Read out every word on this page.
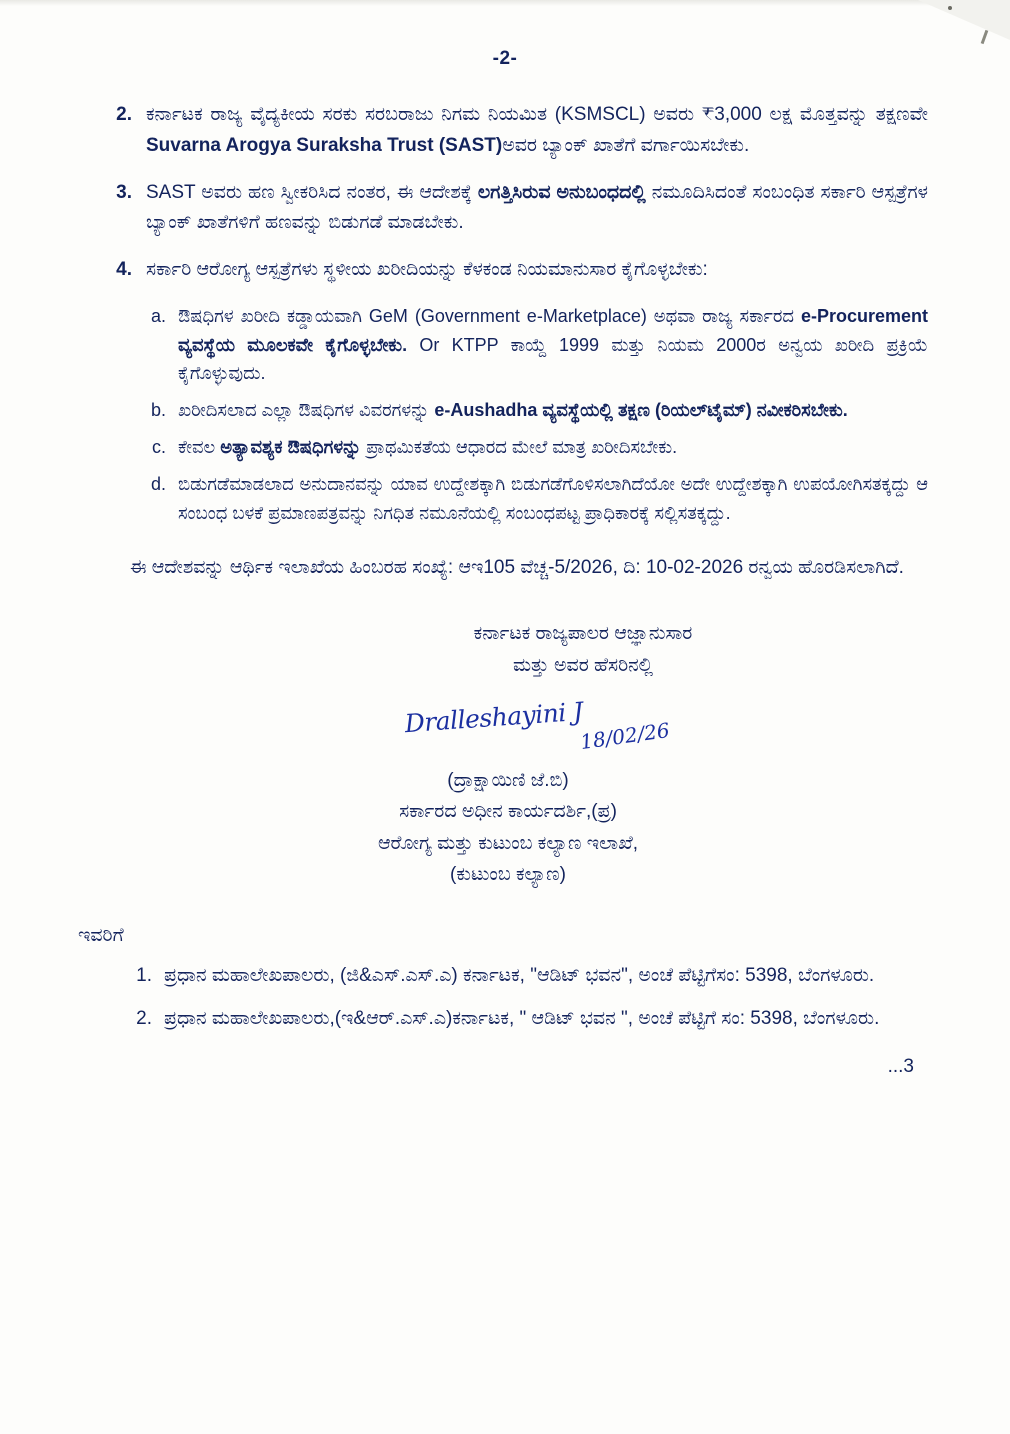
-2-
2. ಕರ್ನಾಟಕ ರಾಜ್ಯ ವೈದ್ಯಕೀಯ ಸರಕು ಸರಬರಾಜು ನಿಗಮ ನಿಯಮಿತ (KSMSCL) ಅವರು ₹3,000 ಲಕ್ಷ ಮೊತ್ತವನ್ನು ತಕ್ಷಣವೇ Suvarna Arogya Suraksha Trust (SAST)ಅವರ ಬ್ಯಾಂಕ್ ಖಾತೆಗೆ ವರ್ಗಾಯಿಸಬೇಕು.
3. SAST ಅವರು ಹಣ ಸ್ವೀಕರಿಸಿದ ನಂತರ, ಈ ಆದೇಶಕ್ಕೆ ಲಗತ್ತಿಸಿರುವ ಅನುಬಂಧದಲ್ಲಿ ನಮೂದಿಸಿದಂತೆ ಸಂಬಂಧಿತ ಸರ್ಕಾರಿ ಆಸ್ಪತ್ರೆಗಳ ಬ್ಯಾಂಕ್ ಖಾತೆಗಳಿಗೆ ಹಣವನ್ನು ಬಿಡುಗಡೆ ಮಾಡಬೇಕು.
4. ಸರ್ಕಾರಿ ಆರೋಗ್ಯ ಆಸ್ಪತ್ರೆಗಳು ಸ್ಥಳೀಯ ಖರೀದಿಯನ್ನು ಕೆಳಕಂಡ ನಿಯಮಾನುಸಾರ ಕೈಗೊಳ್ಳಬೇಕು:
a. ಔಷಧಿಗಳ ಖರೀದಿ ಕಡ್ಡಾಯವಾಗಿ GeM (Government e-Marketplace) ಅಥವಾ ರಾಜ್ಯ ಸರ್ಕಾರದ e-Procurement ವ್ಯವಸ್ಥೆಯ ಮೂಲಕವೇ ಕೈಗೊಳ್ಳಬೇಕು. Or KTPP ಕಾಯ್ದೆ 1999 ಮತ್ತು ನಿಯಮ 2000ರ ಅನ್ವಯ ಖರೀದಿ ಪ್ರಕ್ರಿಯೆ ಕೈಗೊಳ್ಳುವುದು.
b. ಖರೀದಿಸಲಾದ ಎಲ್ಲಾ ಔಷಧಿಗಳ ವಿವರಗಳನ್ನು e-Aushadha ವ್ಯವಸ್ಥೆಯಲ್ಲಿ ತಕ್ಷಣ (ರಿಯಲ್‌ಟೈಮ್) ನವೀಕರಿಸಬೇಕು.
c. ಕೇವಲ ಅತ್ಯಾವಶ್ಯಕ ಔಷಧಿಗಳನ್ನು ಪ್ರಾಥಮಿಕತೆಯ ಆಧಾರದ ಮೇಲೆ ಮಾತ್ರ ಖರೀದಿಸಬೇಕು.
d. ಬಿಡುಗಡೆಮಾಡಲಾದ ಅನುದಾನವನ್ನು ಯಾವ ಉದ್ದೇಶಕ್ಕಾಗಿ ಬಿಡುಗಡೆಗೊಳಿಸಲಾಗಿದೆಯೋ ಅದೇ ಉದ್ದೇಶಕ್ಕಾಗಿ ಉಪಯೋಗಿಸತಕ್ಕದ್ದು ಆ ಸಂಬಂಧ ಬಳಕೆ ಪ್ರಮಾಣಪತ್ರವನ್ನು ನಿಗಧಿತ ನಮೂನೆಯಲ್ಲಿ ಸಂಬಂಧಪಟ್ಟ ಪ್ರಾಧಿಕಾರಕ್ಕೆ ಸಲ್ಲಿಸತಕ್ಕದ್ದು.
ಈ ಆದೇಶವನ್ನು ಆರ್ಥಿಕ ಇಲಾಖೆಯ ಹಿಂಬರಹ ಸಂಖ್ಯೆ: ಆಇ105 ವೆಚ್ಚ-5/2026, ದಿ: 10-02-2026 ರನ್ವಯ ಹೊರಡಿಸಲಾಗಿದೆ.
ಕರ್ನಾಟಕ ರಾಜ್ಯಪಾಲರ ಆಜ್ಞಾನುಸಾರ
ಮತ್ತು ಅವರ ಹೆಸರಿನಲ್ಲಿ
Dralleshayini J
18/02/26
(ದ್ರಾಕ್ಷಾಯಿಣಿ ಜೆ.ಬಿ)
ಸರ್ಕಾರದ ಅಧೀನ ಕಾರ್ಯದರ್ಶಿ,(ಪ್ರ)
ಆರೋಗ್ಯ ಮತ್ತು ಕುಟುಂಬ ಕಲ್ಯಾಣ ಇಲಾಖೆ,
(ಕುಟುಂಬ ಕಲ್ಯಾಣ)
ಇವರಿಗೆ
1. ಪ್ರಧಾನ ಮಹಾಲೇಖಪಾಲರು, (ಜಿ&ಎಸ್.ಎಸ್.ಎ) ಕರ್ನಾಟಕ, "ಆಡಿಟ್ ಭವನ", ಅಂಚೆ ಪೆಟ್ಟಿಗೆಸಂ: 5398, ಬೆಂಗಳೂರು.
2. ಪ್ರಧಾನ ಮಹಾಲೇಖಪಾಲರು,(ಇ&ಆರ್.ಎಸ್.ಎ)ಕರ್ನಾಟಕ, " ಆಡಿಟ್ ಭವನ ", ಅಂಚೆ ಪೆಟ್ಟಿಗೆ ಸಂ: 5398, ಬೆಂಗಳೂರು.
...3
